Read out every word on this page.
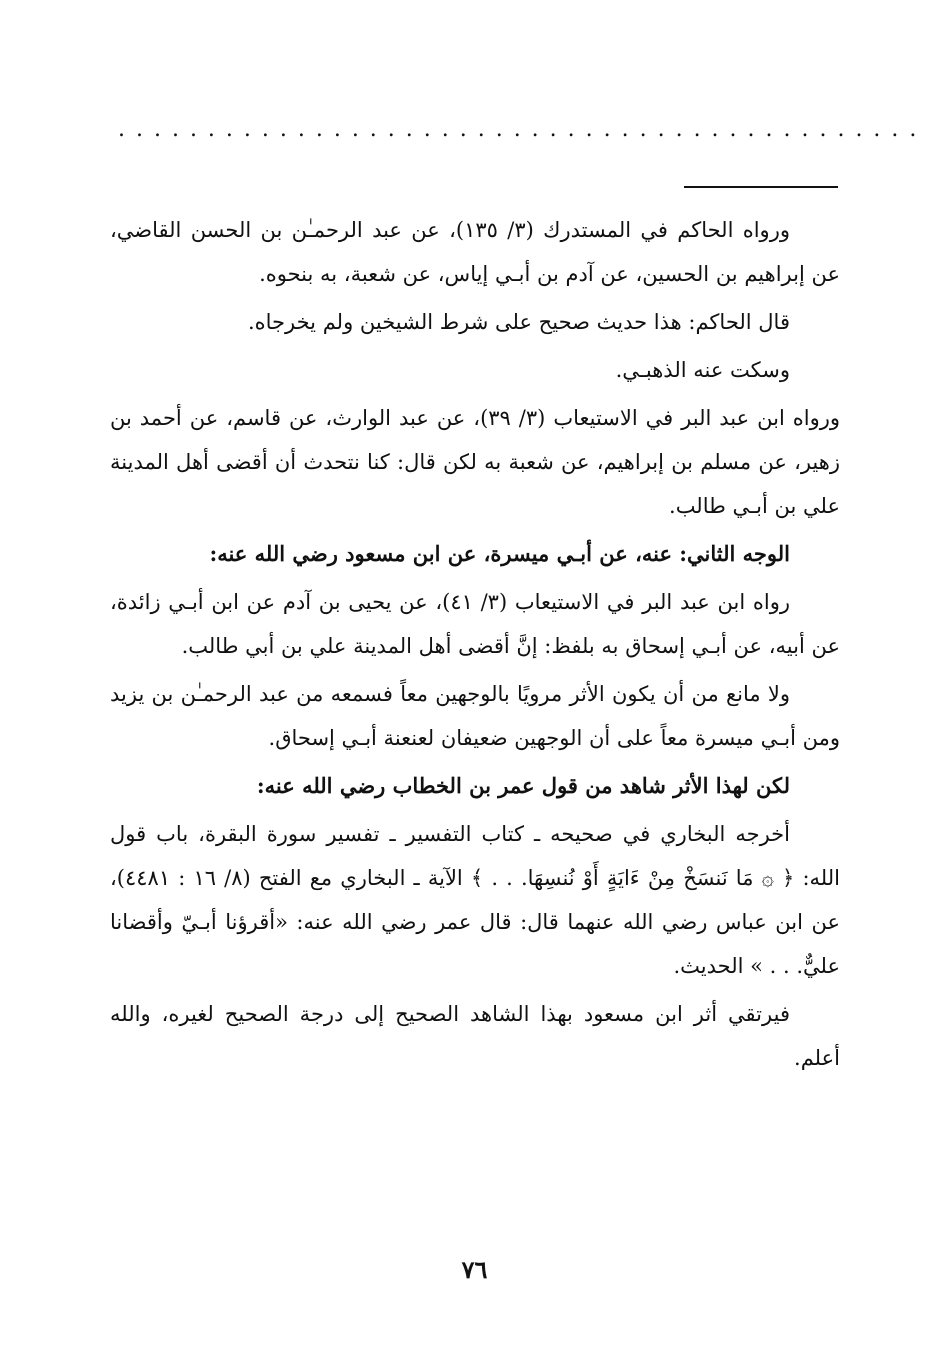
. . . . . . . . . . . . . . . . . . . . . . . . . . . . . . . . . . . . . . . . . . . . .

ورواه الحاكم في المستدرك (٣/ ١٣٥)، عن عبد الرحمـٰن بن الحسن القاضي، عن إبراهيم بن الحسين، عن آدم بن أبـي إياس، عن شعبة، به بنحوه.

قال الحاكم: هذا حديث صحيح على شرط الشيخين ولم يخرجاه.

وسكت عنه الذهبـي.

ورواه ابن عبد البر في الاستيعاب (٣/ ٣٩)، عن عبد الوارث، عن قاسم، عن أحمد بن زهير، عن مسلم بن إبراهيم، عن شعبة به لكن قال: كنا نتحدث أن أقضى أهل المدينة علي بن أبـي طالب.

الوجه الثاني: عنه، عن أبـي ميسرة، عن ابن مسعود رضي الله عنه:

رواه ابن عبد البر في الاستيعاب (٣/ ٤١)، عن يحيى بن آدم عن ابن أبـي زائدة، عن أبيه، عن أبـي إسحاق به بلفظ: إنَّ أقضى أهل المدينة علي بن أبي طالب.

ولا مانع من أن يكون الأثر مرويًا بالوجهين معاً فسمعه من عبد الرحمـٰن بن يزيد ومن أبـي ميسرة معاً على أن الوجهين ضعيفان لعنعنة أبـي إسحاق.

لكن لهذا الأثر شاهد من قول عمر بن الخطاب رضي الله عنه:

أخرجه البخاري في صحيحه ـ كتاب التفسير ـ تفسير سورة البقرة، باب قول الله: ﴿ ۞ مَا نَنسَخْ مِنْ ءَايَةٍ أَوْ نُنسِهَا. . . ﴾ الآية ـ البخاري مع الفتح (٨/ ١٦ : ٤٤٨١)، عن ابن عباس رضي الله عنهما قال: قال عمر رضي الله عنه: «أقرؤنا أبـيّ وأقضانا عليٌّ. . . » الحديث.

فيرتقي أثر ابن مسعود بهذا الشاهد الصحيح إلى درجة الصحيح لغيره، والله أعلم.

٧٦
